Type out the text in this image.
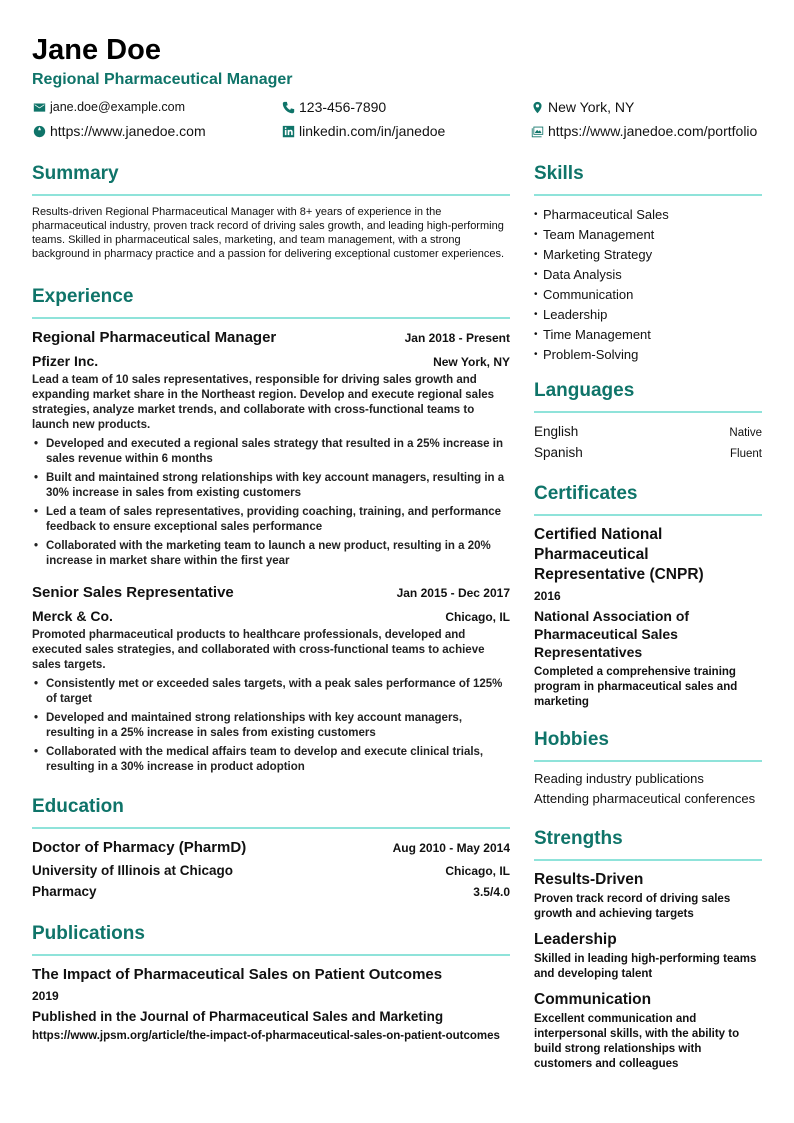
Jane Doe
Regional Pharmaceutical Manager
jane.doe@example.com	123-456-7890	New York, NY
https://www.janedoe.com	linkedin.com/in/janedoe	https://www.janedoe.com/portfolio
Summary
Results-driven Regional Pharmaceutical Manager with 8+ years of experience in the pharmaceutical industry, proven track record of driving sales growth, and leading high-performing teams. Skilled in pharmaceutical sales, marketing, and team management, with a strong background in pharmacy practice and a passion for delivering exceptional customer experiences.
Experience
Regional Pharmaceutical Manager	Jan 2018 - Present
Pfizer Inc.	New York, NY
Lead a team of 10 sales representatives, responsible for driving sales growth and expanding market share in the Northeast region. Develop and execute regional sales strategies, analyze market trends, and collaborate with cross-functional teams to launch new products.
• Developed and executed a regional sales strategy that resulted in a 25% increase in sales revenue within 6 months
• Built and maintained strong relationships with key account managers, resulting in a 30% increase in sales from existing customers
• Led a team of sales representatives, providing coaching, training, and performance feedback to ensure exceptional sales performance
• Collaborated with the marketing team to launch a new product, resulting in a 20% increase in market share within the first year
Senior Sales Representative	Jan 2015 - Dec 2017
Merck & Co.	Chicago, IL
Promoted pharmaceutical products to healthcare professionals, developed and executed sales strategies, and collaborated with cross-functional teams to achieve sales targets.
• Consistently met or exceeded sales targets, with a peak sales performance of 125% of target
• Developed and maintained strong relationships with key account managers, resulting in a 25% increase in sales from existing customers
• Collaborated with the medical affairs team to develop and execute clinical trials, resulting in a 30% increase in product adoption
Education
Doctor of Pharmacy (PharmD)	Aug 2010 - May 2014
University of Illinois at Chicago	Chicago, IL
Pharmacy	3.5/4.0
Publications
The Impact of Pharmaceutical Sales on Patient Outcomes
2019
Published in the Journal of Pharmaceutical Sales and Marketing
https://www.jpsm.org/article/the-impact-of-pharmaceutical-sales-on-patient-outcomes
Skills
• Pharmaceutical Sales
• Team Management
• Marketing Strategy
• Data Analysis
• Communication
• Leadership
• Time Management
• Problem-Solving
Languages
English	Native
Spanish	Fluent
Certificates
Certified National Pharmaceutical Representative (CNPR)
2016
National Association of Pharmaceutical Sales Representatives
Completed a comprehensive training program in pharmaceutical sales and marketing
Hobbies
Reading industry publications
Attending pharmaceutical conferences
Strengths
Results-Driven
Proven track record of driving sales growth and achieving targets
Leadership
Skilled in leading high-performing teams and developing talent
Communication
Excellent communication and interpersonal skills, with the ability to build strong relationships with customers and colleagues
